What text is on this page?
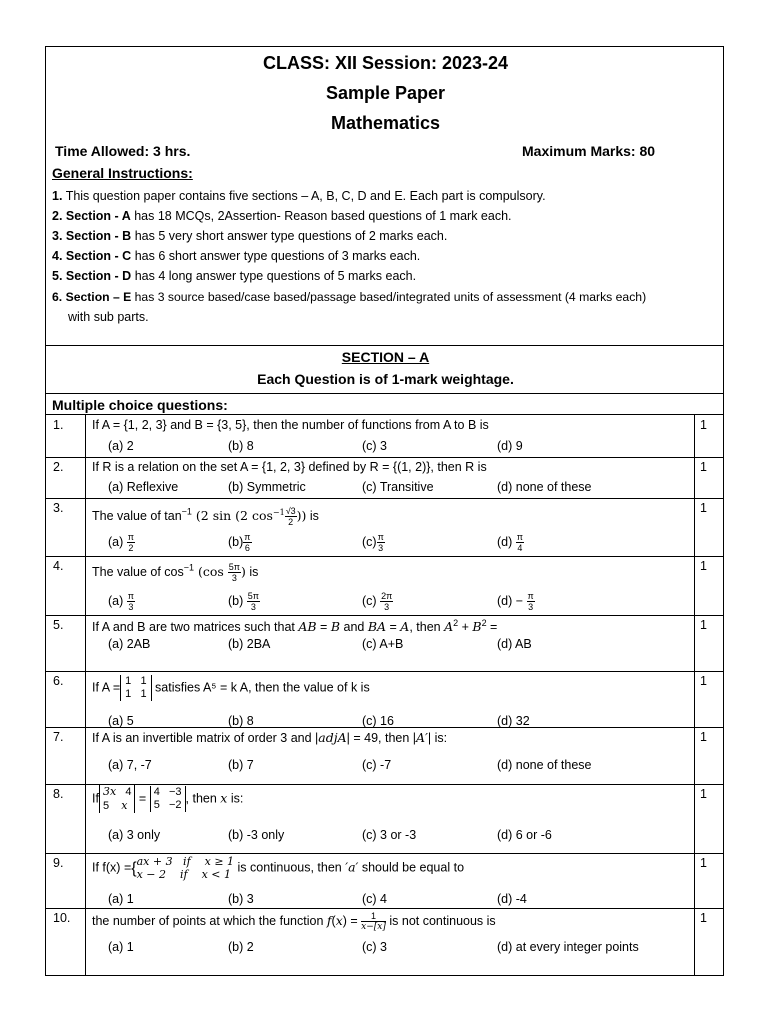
CLASS: XII Session: 2023-24
Sample Paper
Mathematics
Time Allowed: 3 hrs.	Maximum Marks: 80
General Instructions:
1. This question paper contains five sections – A, B, C, D and E. Each part is compulsory.
2. Section - A has 18 MCQs, 2Assertion- Reason based questions of 1 mark each.
3. Section - B has 5 very short answer type questions of 2 marks each.
4. Section - C has 6 short answer type questions of 3 marks each.
5. Section - D has 4 long answer type questions of 5 marks each.
6. Section – E has 3 source based/case based/passage based/integrated units of assessment (4 marks each)
with sub parts.
SECTION – A
Each Question is of 1-mark weightage.
Multiple choice questions:
1. If A = {1, 2, 3} and B = {3, 5}, then the number of functions from A to B is
(a) 2	(b) 8	(c) 3	(d) 9
1
2. If R is a relation on the set A = {1, 2, 3} defined by R = {(1, 2)}, then R is
(a) Reflexive	(b) Symmetric	(c) Transitive	(d) none of these
1
3.
The value of $\tan^{-1} (2$ sin (2 $\cos^{-1} \frac{√3}{2}$ )) is
$(a) \frac{\pi}{2}$	$(b) \frac{\pi}{6}$	$(c) \frac{\pi}{3}$	$(d) \frac{\pi}{4}$
1
4. The value of $\cos^{-1} (\cos \frac{5\pi}{3}$ ) is
$(a) \frac{\pi}{3}$	$(b) \frac{5\pi}{3}$	$(c) \frac{2\pi}{3}$	$(d) - \frac{\pi}{3}$
1
5. If A and B are two matrices such that AB = B and BA = A, then $A^2 + B^2$ =
(a) 2AB	(b) 2BA	(c) A+B	(d) AB
1
6. If A = 1   1
1   1 satisfies A⁵ = k A, then the value of k is
(a) 5	(b) 8	(c) 16	(d) 32
1
7. If A is an invertible matrix of order 3 and |adjA| = 49, then |A′| is:
(a) 7, -7	(b) 7	(c) -7	(d) none of these
1
8. If 3x   4
5    x
= 4   −3
5   −2 , then x is:
(a) 3 only	(b) -3 only	(c) 3 or -3	(d) 6 or -6
1
9. If f(x) ={ ax + 3   if    x ≥ 1
x − 2    if    x < 1
is continuous, then ′a′ should be equal to
(a) 1	(b) 3	(c) 4	(d) -4
1
10. the number of points at which the function $f(x) = \frac{1}{x-[x]}$ is not continuous is
(a) 1	(b) 2	(c) 3	(d) at every integer points
1
